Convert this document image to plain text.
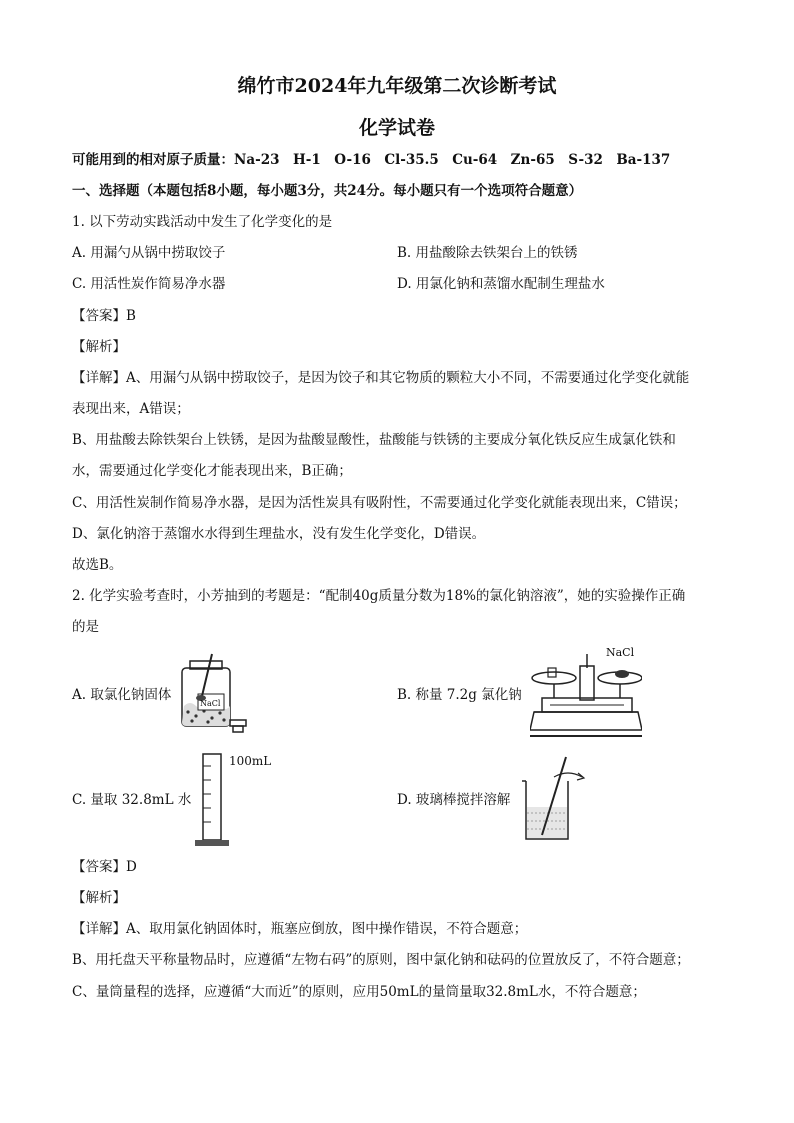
绵竹市2024年九年级第二次诊断考试
化学试卷
可能用到的相对原子质量：Na-23　H-1　O-16　Cl-35.5　Cu-64　Zn-65　S-32　Ba-137
一、选择题（本题包括8小题，每小题3分，共24分。每小题只有一个选项符合题意）
1. 以下劳动实践活动中发生了化学变化的是
A. 用漏勺从锅中捞取饺子	B. 用盐酸除去铁架台上的铁锈
C. 用活性炭作简易净水器	D. 用氯化钠和蒸馏水配制生理盐水
【答案】B
【解析】
【详解】A、用漏勺从锅中捞取饺子，是因为饺子和其它物质的颗粒大小不同，不需要通过化学变化就能
表现出来，A错误；
B、用盐酸去除铁架台上铁锈，是因为盐酸显酸性，盐酸能与铁锈的主要成分氧化铁反应生成氯化铁和
水，需要通过化学变化才能表现出来，B正确；
C、用活性炭制作简易净水器，是因为活性炭具有吸附性，不需要通过化学变化就能表现出来，C错误；
D、氯化钠溶于蒸馏水水得到生理盐水，没有发生化学变化，D错误。
故选B。
2. 化学实验考查时，小芳抽到的考题是：“配制40g质量分数为18%的氯化钠溶液”，她的实验操作正确
的是
A. 取氯化钠固体	B. 称量 7.2g 氯化钠
C. 量取 32.8mL 水	D. 玻璃棒搅拌溶解
NaCl
NaCl
100mL
【答案】D
【解析】
【详解】A、取用氯化钠固体时，瓶塞应倒放，图中操作错误，不符合题意；
B、用托盘天平称量物品时，应遵循“左物右码”的原则，图中氯化钠和砝码的位置放反了，不符合题意；
C、量筒量程的选择，应遵循“大而近”的原则，应用50mL的量筒量取32.8mL水，不符合题意；
